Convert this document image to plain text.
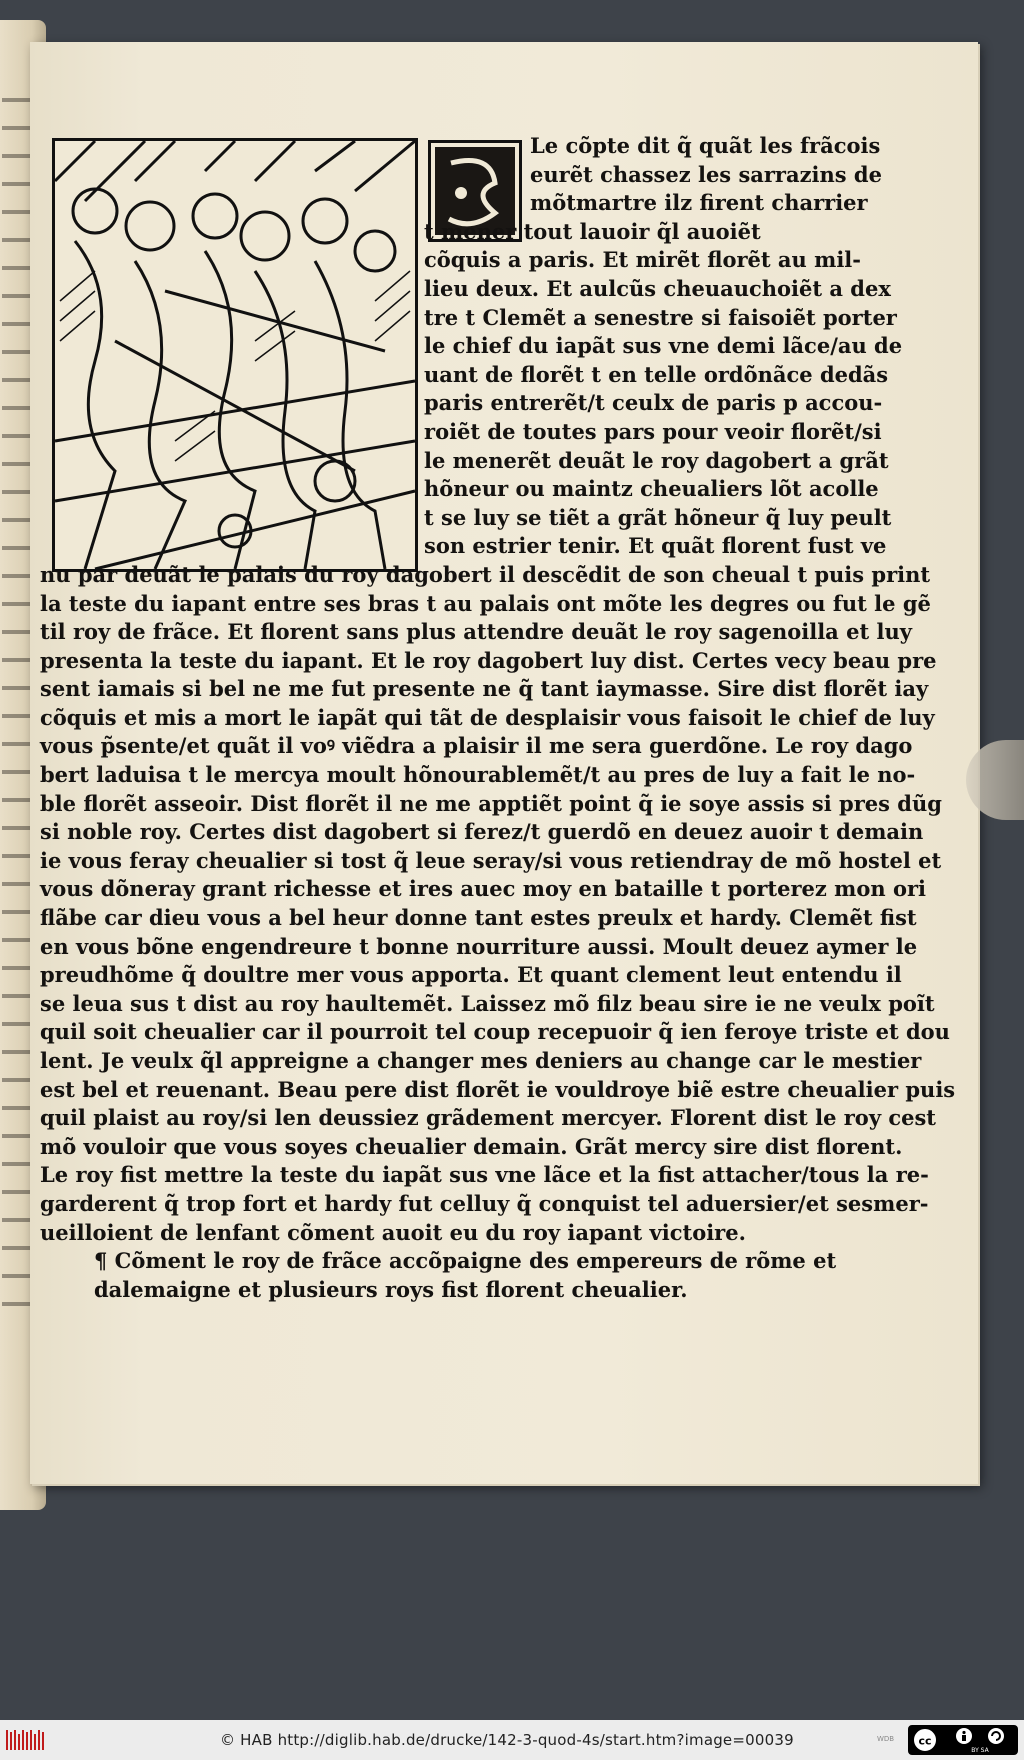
Le cõpte dit q̃ quãt les frãcois
eurẽt chassez les sarrazins de
mõtmartre ilz firent charrier
t mener tout lauoir q̃l auoiẽt
cõquis a paris. Et mirẽt florẽt au mil-
lieu deux. Et aulcũs cheuauchoiẽt a dex
tre t Clemẽt a senestre si faisoiẽt porter
le chief du iapãt sus vne demi lãce/au de
uant de florẽt t en telle ordõnãce dedãs
paris entrerẽt/t ceulx de paris p accou-
roiẽt de toutes pars pour veoir florẽt/si
le menerẽt deuãt le roy dagobert a grãt
hõneur ou maintz cheualiers lõt acolle
t se luy se tiẽt a grãt hõneur q̃ luy peult
son estrier tenir. Et quãt florent fust ve
nu par deuãt le palais du roy dagobert il descẽdit de son cheual t puis print
la teste du iapant entre ses bras t au palais ont mõte les degres ou fut le gẽ
til roy de frãce. Et florent sans plus attendre deuãt le roy sagenoilla et luy
presenta la teste du iapant. Et le roy dagobert luy dist. Certes vecy beau pre
sent iamais si bel ne me fut presente ne q̃ tant iaymasse. Sire dist florẽt iay
cõquis et mis a mort le iapãt qui tãt de desplaisir vous faisoit le chief de luy
vous p̃sente/et quãt il voꝰ viẽdra a plaisir il me sera guerdõne. Le roy dago
bert laduisa t le mercya moult hõnourablemẽt/t au pres de luy a fait le no-
ble florẽt asseoir. Dist florẽt il ne me apptiẽt point q̃ ie soye assis si pres dũg
si noble roy. Certes dist dagobert si ferez/t guerdõ en deuez auoir t demain
ie vous feray cheualier si tost q̃ leue seray/si vous retiendray de mõ hostel et
vous dõneray grant richesse et ires auec moy en bataille t porterez mon ori
flãbe car dieu vous a bel heur donne tant estes preulx et hardy. Clemẽt fist
en vous bõne engendreure t bonne nourriture aussi. Moult deuez aymer le
preudhõme q̃ doultre mer vous apporta. Et quant clement leut entendu il
se leua sus t dist au roy haultemẽt. Laissez mõ filz beau sire ie ne veulx poĩt
quil soit cheualier car il pourroit tel coup recepuoir q̃ ien feroye triste et dou
lent. Je veulx q̃l appreigne a changer mes deniers au change car le mestier
est bel et reuenant. Beau pere dist florẽt ie vouldroye biẽ estre cheualier puis
quil plaist au roy/si len deussiez grãdement mercyer. Florent dist le roy cest
mõ vouloir que vous soyes cheualier demain. Grãt mercy sire dist florent.
Le roy fist mettre la teste du iapãt sus vne lãce et la fist attacher/tous la re-
garderent q̃ trop fort et hardy fut celluy q̃ conquist tel aduersier/et sesmer-
ueilloient de lenfant cõment auoit eu du roy iapant victoire.
¶ Cõment le roy de frãce accõpaigne des empereurs de rõme et
dalemaigne et plusieurs roys fist florent cheualier.
© HAB http://diglib.hab.de/drucke/142-3-quod-4s/start.htm?image=00039	WDB cc
BY SA
